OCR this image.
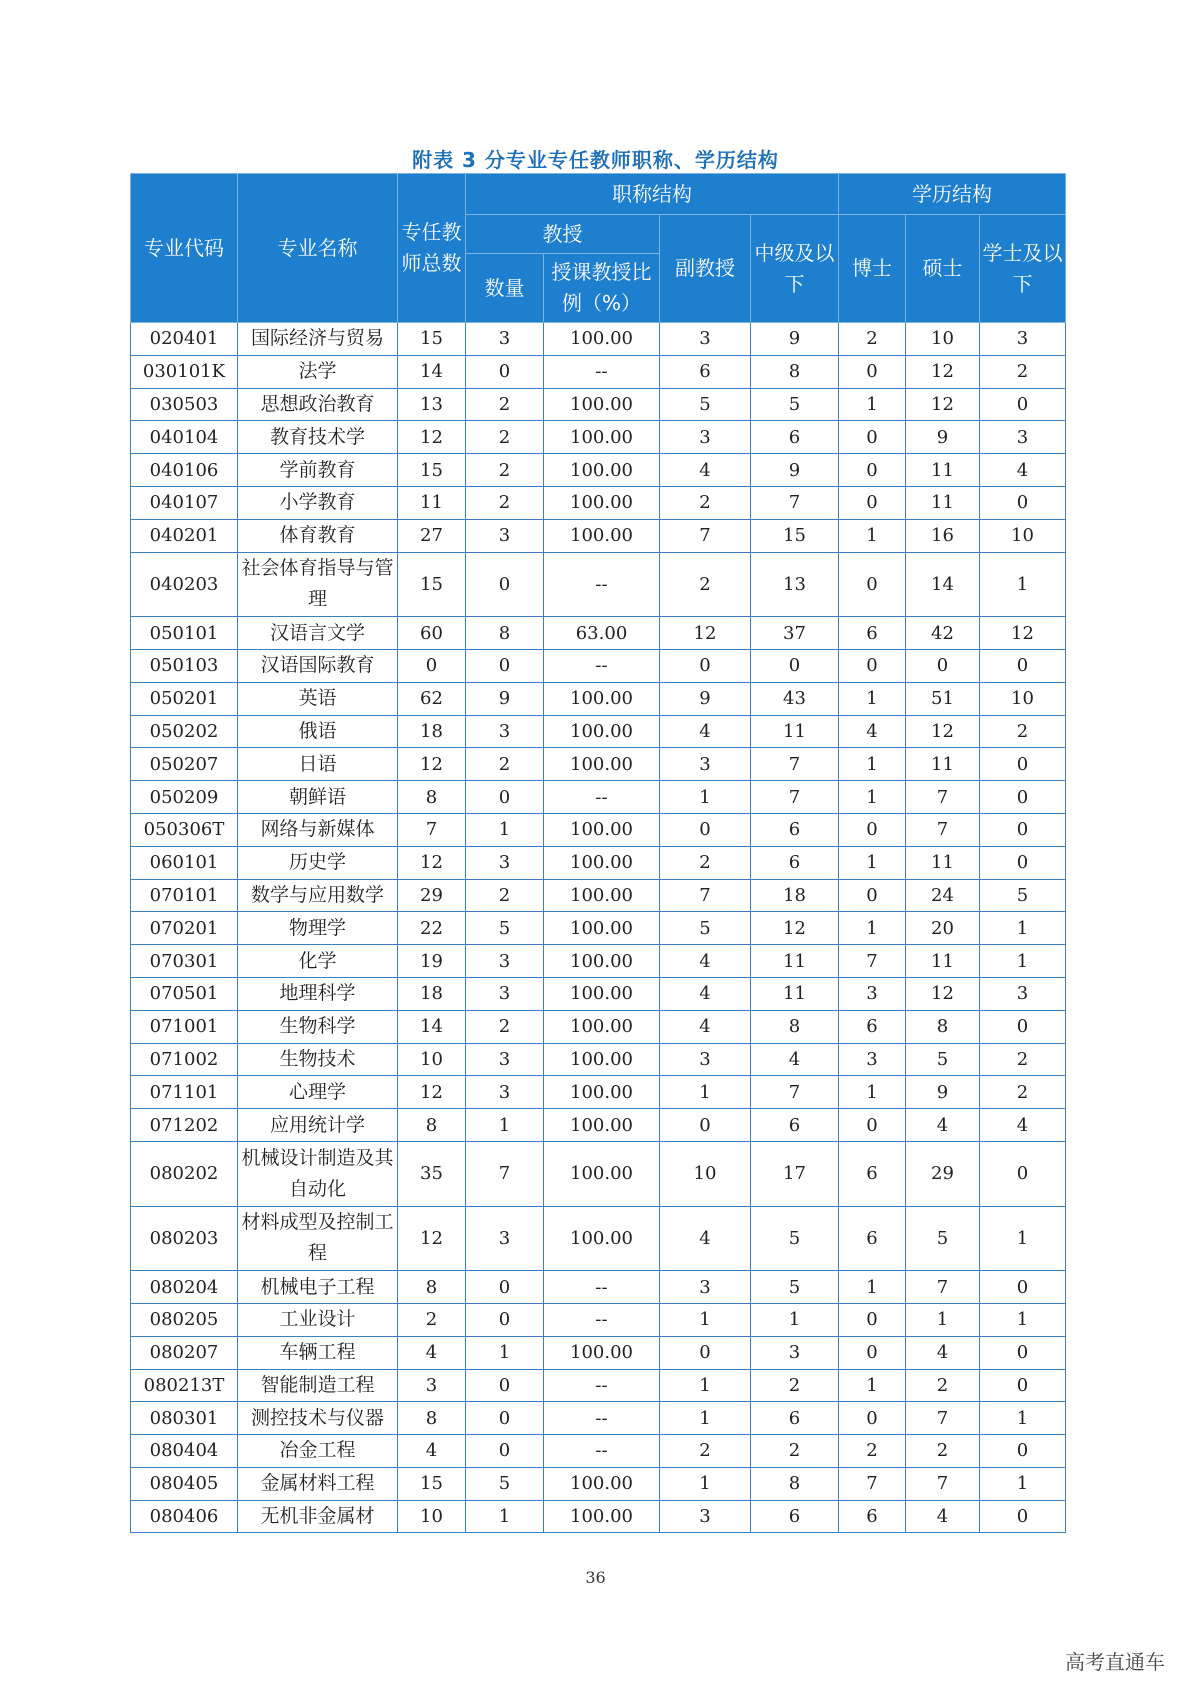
附表 3 分专业专任教师职称、学历结构
专业代码	专业名称	专任教师总数	职称结构				学历结构		
			教授		副教授	中级及以下	博士	硕士	学士及以下
			数量	授课教授比例（%）					
020401	国际经济与贸易	15	3	100.00	3	9	2	10	3
030101K	法学	14	0	--	6	8	0	12	2
030503	思想政治教育	13	2	100.00	5	5	1	12	0
040104	教育技术学	12	2	100.00	3	6	0	9	3
040106	学前教育	15	2	100.00	4	9	0	11	4
040107	小学教育	11	2	100.00	2	7	0	11	0
040201	体育教育	27	3	100.00	7	15	1	16	10
040203	社会体育指导与管理	15	0	--	2	13	0	14	1
050101	汉语言文学	60	8	63.00	12	37	6	42	12
050103	汉语国际教育	0	0	--	0	0	0	0	0
050201	英语	62	9	100.00	9	43	1	51	10
050202	俄语	18	3	100.00	4	11	4	12	2
050207	日语	12	2	100.00	3	7	1	11	0
050209	朝鲜语	8	0	--	1	7	1	7	0
050306T	网络与新媒体	7	1	100.00	0	6	0	7	0
060101	历史学	12	3	100.00	2	6	1	11	0
070101	数学与应用数学	29	2	100.00	7	18	0	24	5
070201	物理学	22	5	100.00	5	12	1	20	1
070301	化学	19	3	100.00	4	11	7	11	1
070501	地理科学	18	3	100.00	4	11	3	12	3
071001	生物科学	14	2	100.00	4	8	6	8	0
071002	生物技术	10	3	100.00	3	4	3	5	2
071101	心理学	12	3	100.00	1	7	1	9	2
071202	应用统计学	8	1	100.00	0	6	0	4	4
080202	机械设计制造及其自动化	35	7	100.00	10	17	6	29	0
080203	材料成型及控制工程	12	3	100.00	4	5	6	5	1
080204	机械电子工程	8	0	--	3	5	1	7	0
080205	工业设计	2	0	--	1	1	0	1	1
080207	车辆工程	4	1	100.00	0	3	0	4	0
080213T	智能制造工程	3	0	--	1	2	1	2	0
080301	测控技术与仪器	8	0	--	1	6	0	7	1
080404	冶金工程	4	0	--	2	2	2	2	0
080405	金属材料工程	15	5	100.00	1	8	7	7	1
080406	无机非金属材	10	1	100.00	3	6	6	4	0
36
高考直通车
